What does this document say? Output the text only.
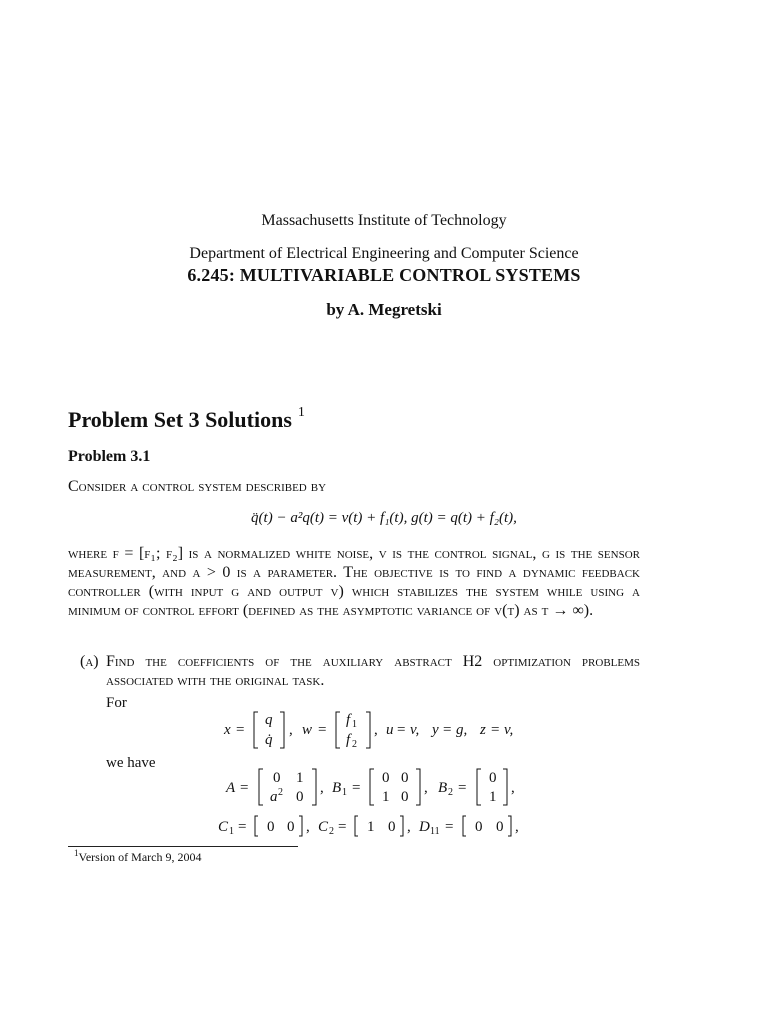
Massachusetts Institute of Technology
Department of Electrical Engineering and Computer Science
6.245: MULTIVARIABLE CONTROL SYSTEMS
by A. Megretski
Problem Set 3 Solutions $^1$
Problem 3.1
Consider a control system described by
q̈(t) − a²q(t) = v(t) + f₁(t), g(t) = q(t) + f₂(t),
where f = [f₁; f₂] is a normalized white noise, v is the control signal, g is the sensor measurement, and a > 0 is a parameter. The objective is to find a dynamic feedback controller (with input g and output v) which stabilizes the system while using a minimum of control effort (defined as the asymptotic variance of v(t) as t → ∞).
(a) Find the coefficients of the auxiliary abstract H2 optimization problems associated with the original task.
For
we have
x =
q
q̇
, w =
f 1
f 2
, u = v, y = g, z = v,
A =
0 1
a 2 0
, B 1 =
0 0
1 0
, B 2 =
0
1
,
C 1 = 0 0 , C 2 = 1 0 , D 11 = 0 0 ,
$^1$Version of March 9, 2004
